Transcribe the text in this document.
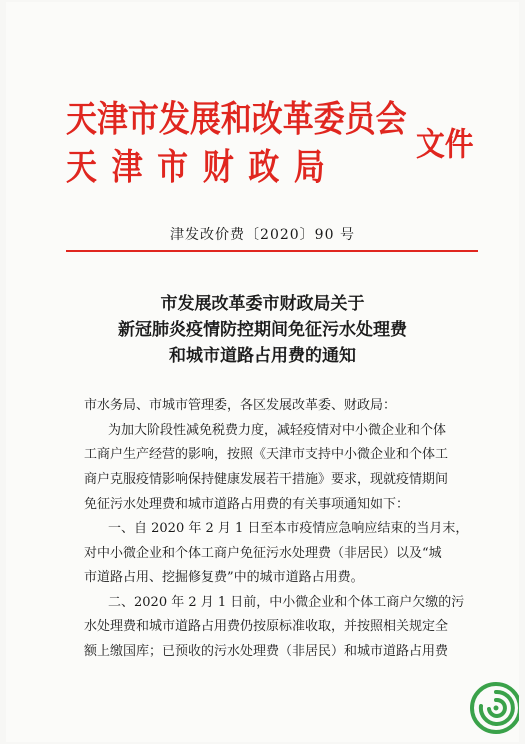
天津市发展和改革委员会
天津市财政局
文件
津发改价费〔2020〕90 号
市发展改革委市财政局关于
新冠肺炎疫情防控期间免征污水处理费
和城市道路占用费的通知
市水务局、市城市管理委，各区发展改革委、财政局：
为加大阶段性减免税费力度，减轻疫情对中小微企业和个体
工商户生产经营的影响，按照《天津市支持中小微企业和个体工
商户克服疫情影响保持健康发展若干措施》要求，现就疫情期间
免征污水处理费和城市道路占用费的有关事项通知如下：
一、自 2020 年 2 月 1 日至本市疫情应急响应结束的当月末，
对中小微企业和个体工商户免征污水处理费（非居民）以及“城
市道路占用、挖掘修复费”中的城市道路占用费。
二、2020 年 2 月 1 日前，中小微企业和个体工商户欠缴的污
水处理费和城市道路占用费仍按原标准收取，并按照相关规定全
额上缴国库；已预收的污水处理费（非居民）和城市道路占用费
